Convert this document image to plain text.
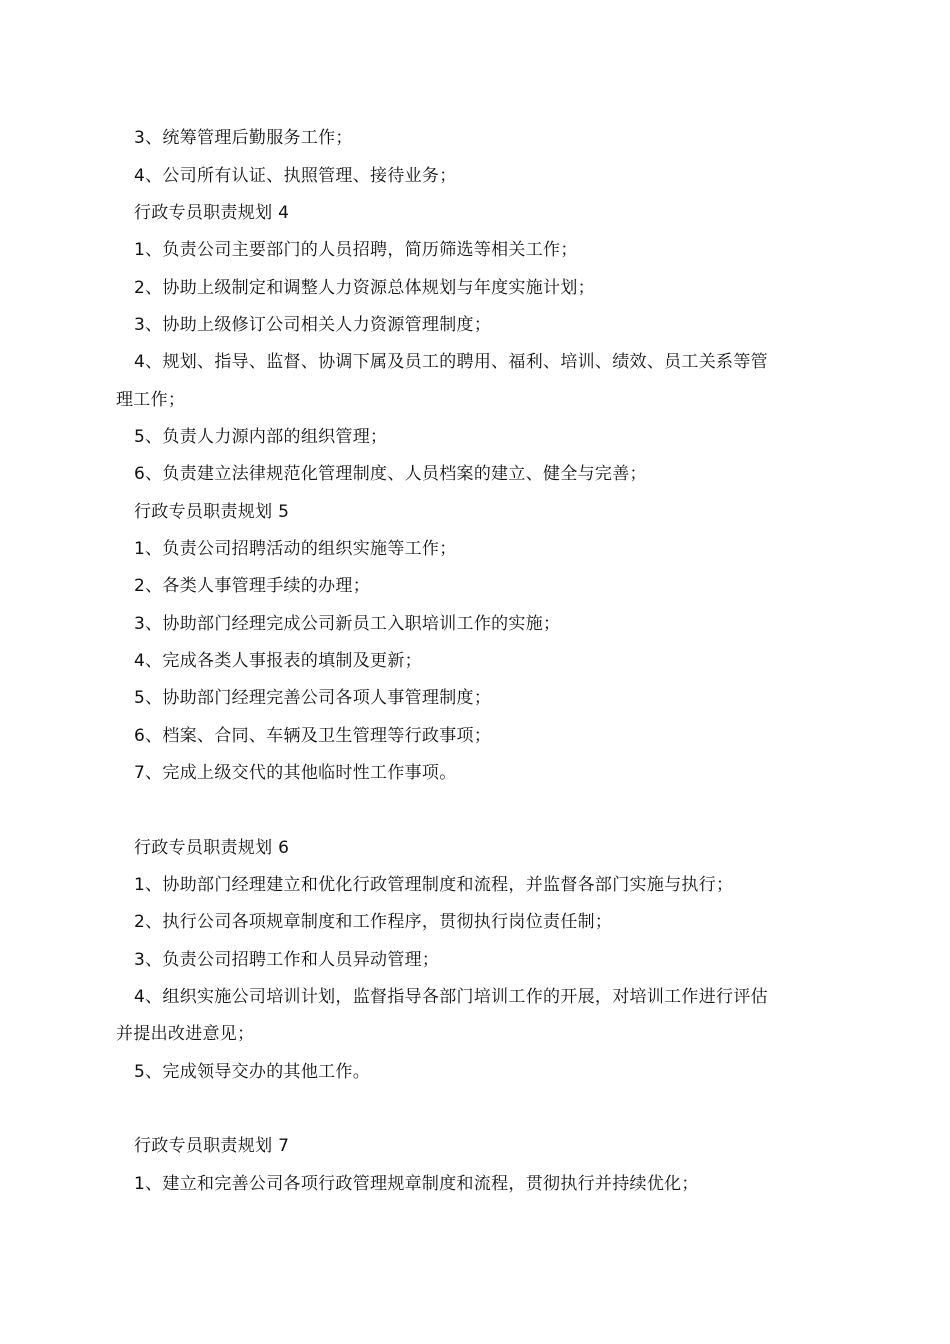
3、统筹管理后勤服务工作；
4、公司所有认证、执照管理、接待业务；
行政专员职责规划 4
1、负责公司主要部门的人员招聘，简历筛选等相关工作；
2、协助上级制定和调整人力资源总体规划与年度实施计划；
3、协助上级修订公司相关人力资源管理制度；
4、规划、指导、监督、协调下属及员工的聘用、福利、培训、绩效、员工关系等管
理工作；
5、负责人力源内部的组织管理；
6、负责建立法律规范化管理制度、人员档案的建立、健全与完善；
行政专员职责规划 5
1、负责公司招聘活动的组织实施等工作；
2、各类人事管理手续的办理；
3、协助部门经理完成公司新员工入职培训工作的实施；
4、完成各类人事报表的填制及更新；
5、协助部门经理完善公司各项人事管理制度；
6、档案、合同、车辆及卫生管理等行政事项；
7、完成上级交代的其他临时性工作事项。
行政专员职责规划 6
1、协助部门经理建立和优化行政管理制度和流程，并监督各部门实施与执行；
2、执行公司各项规章制度和工作程序，贯彻执行岗位责任制；
3、负责公司招聘工作和人员异动管理；
4、组织实施公司培训计划，监督指导各部门培训工作的开展，对培训工作进行评估
并提出改进意见；
5、完成领导交办的其他工作。
行政专员职责规划 7
1、建立和完善公司各项行政管理规章制度和流程，贯彻执行并持续优化；
